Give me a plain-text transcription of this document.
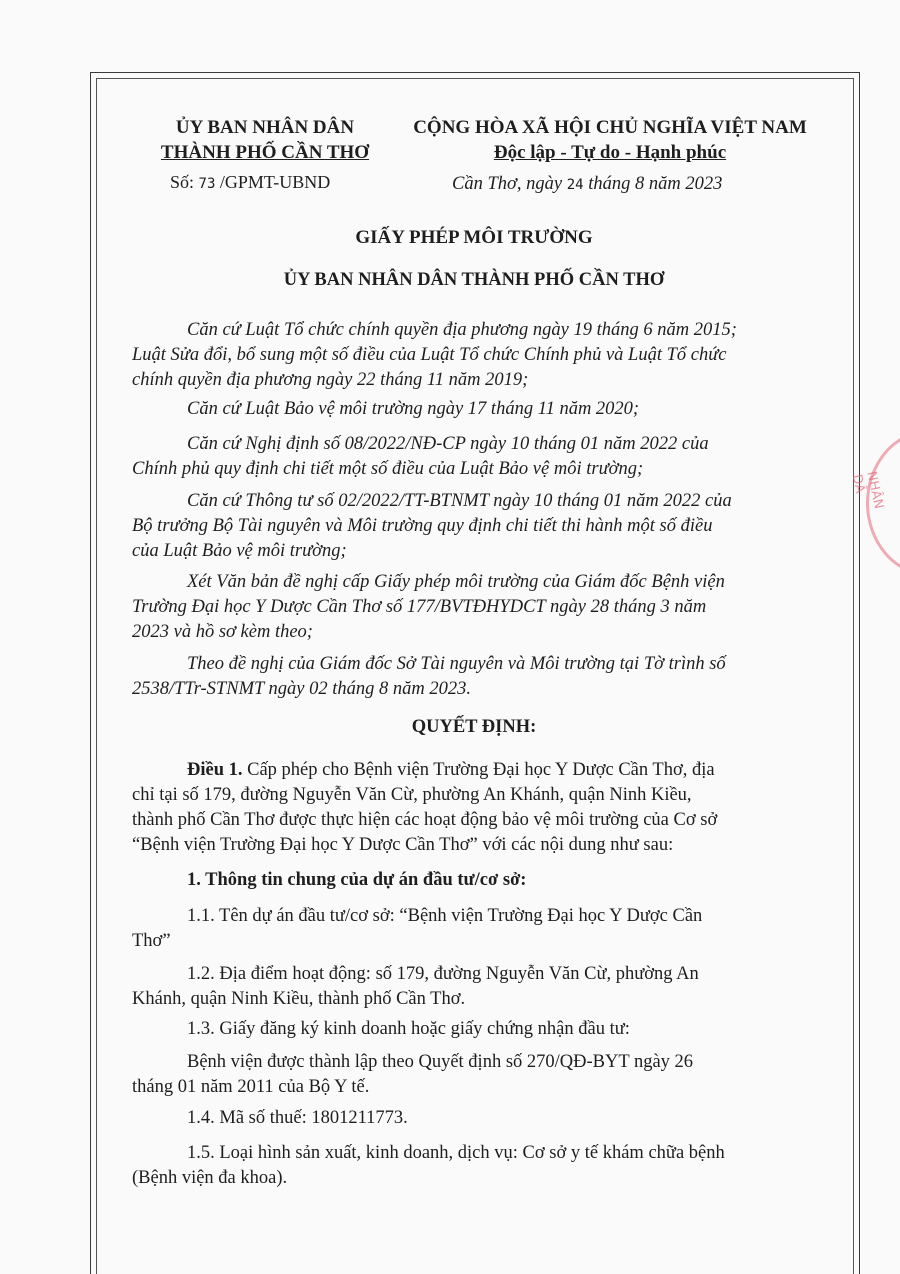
NHÂN DÂ
ỦY BAN NHÂN DÂN
THÀNH PHỐ CẦN THƠ
Số: 73 /GPMT-UBND
CỘNG HÒA XÃ HỘI CHỦ NGHĨA VIỆT NAM
Độc lập - Tự do - Hạnh phúc
Cần Thơ, ngày 24 tháng 8 năm 2023
GIẤY PHÉP MÔI TRƯỜNG
ỦY BAN NHÂN DÂN THÀNH PHỐ CẦN THƠ
Căn cứ Luật Tổ chức chính quyền địa phương ngày 19 tháng 6 năm 2015;
Luật Sửa đổi, bổ sung một số điều của Luật Tổ chức Chính phủ và Luật Tổ chức
chính quyền địa phương ngày 22 tháng 11 năm 2019;
Căn cứ Luật Bảo vệ môi trường ngày 17 tháng 11 năm 2020;
Căn cứ Nghị định số 08/2022/NĐ-CP ngày 10 tháng 01 năm 2022 của
Chính phủ quy định chi tiết một số điều của Luật Bảo vệ môi trường;
Căn cứ Thông tư số 02/2022/TT-BTNMT ngày 10 tháng 01 năm 2022 của
Bộ trưởng Bộ Tài nguyên và Môi trường quy định chi tiết thi hành một số điều
của Luật Bảo vệ môi trường;
Xét Văn bản đề nghị cấp Giấy phép môi trường của Giám đốc Bệnh viện
Trường Đại học Y Dược Cần Thơ số 177/BVTĐHYDCT ngày 28 tháng 3 năm
2023 và hồ sơ kèm theo;
Theo đề nghị của Giám đốc Sở Tài nguyên và Môi trường tại Tờ trình số
2538/TTr-STNMT ngày 02 tháng 8 năm 2023.
QUYẾT ĐỊNH:
Điều 1. Cấp phép cho Bệnh viện Trường Đại học Y Dược Cần Thơ, địa
chỉ tại số 179, đường Nguyễn Văn Cừ, phường An Khánh, quận Ninh Kiều,
thành phố Cần Thơ được thực hiện các hoạt động bảo vệ môi trường của Cơ sở
“Bệnh viện Trường Đại học Y Dược Cần Thơ” với các nội dung như sau:
1. Thông tin chung của dự án đầu tư/cơ sở:
1.1. Tên dự án đầu tư/cơ sở: “Bệnh viện Trường Đại học Y Dược Cần
Thơ”
1.2. Địa điểm hoạt động: số 179, đường Nguyễn Văn Cừ, phường An
Khánh, quận Ninh Kiều, thành phố Cần Thơ.
1.3. Giấy đăng ký kinh doanh hoặc giấy chứng nhận đầu tư:
Bệnh viện được thành lập theo Quyết định số 270/QĐ-BYT ngày 26
tháng 01 năm 2011 của Bộ Y tế.
1.4. Mã số thuế: 1801211773.
1.5. Loại hình sản xuất, kinh doanh, dịch vụ: Cơ sở y tế khám chữa bệnh
(Bệnh viện đa khoa).
